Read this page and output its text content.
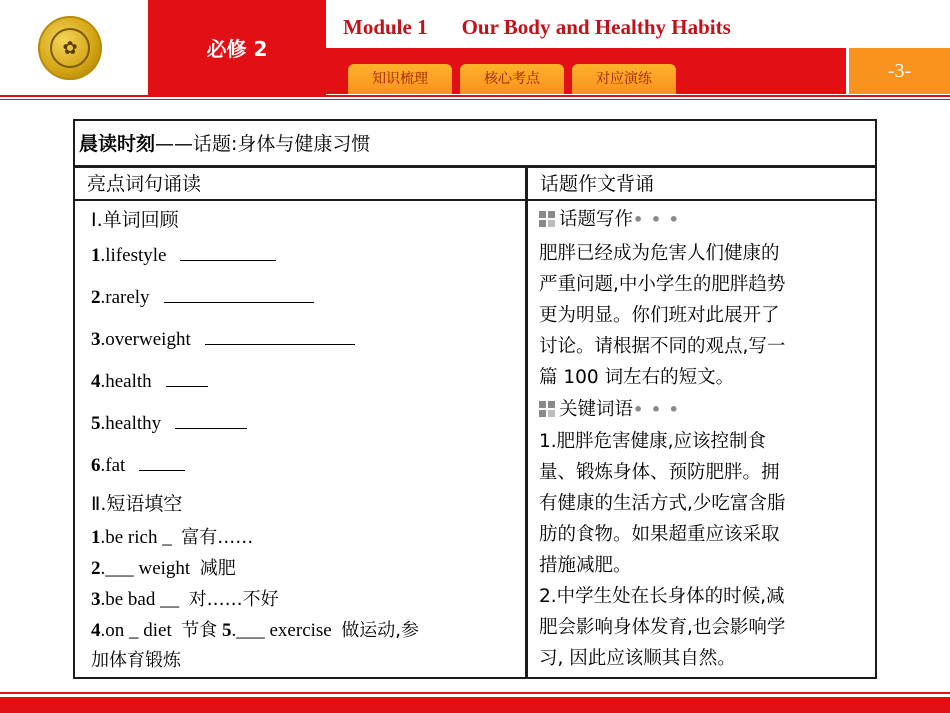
✿	必修 2
Module 1 Our Body and Healthy Habits
知识梳理	核心考点	对应演练	-3-
晨读时刻——话题:身体与健康习惯
亮点词句诵读	话题作文背诵
Ⅰ.单词回顾
1.lifestyle
2.rarely
3.overweight
4.health
5.healthy
6.fat
Ⅱ.短语填空
1.be rich _ 富有……
2.___ weight 减肥
3.be bad __ 对……不好
4.on _ diet 节食 5.___ exercise 做运动,参
加体育锻炼
话题写作• • •
肥胖已经成为危害人们健康的
严重问题,中小学生的肥胖趋势
更为明显。你们班对此展开了
讨论。请根据不同的观点,写一
篇 100 词左右的短文。
关键词语• • •
1.肥胖危害健康,应该控制食
量、锻炼身体、预防肥胖。拥
有健康的生活方式,少吃富含脂
肪的食物。如果超重应该采取
措施减肥。
2.中学生处在长身体的时候,减
肥会影响身体发育,也会影响学
习, 因此应该顺其自然。
